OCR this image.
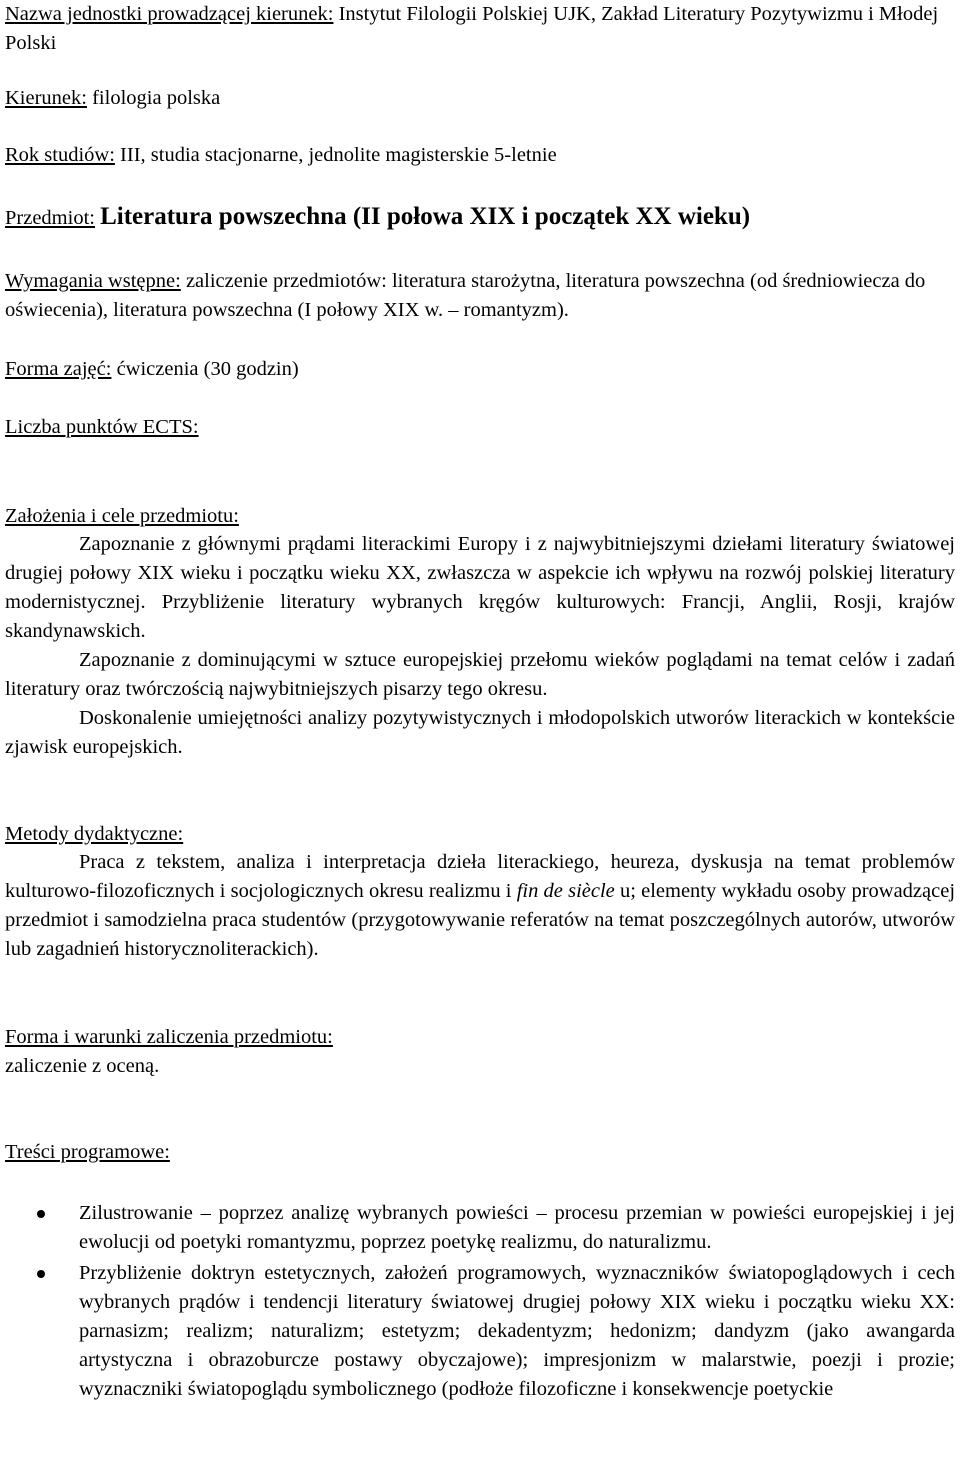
Nazwa jednostki prowadzącej kierunek: Instytut Filologii Polskiej UJK, Zakład Literatury Pozytywizmu i Młodej Polski
Kierunek: filologia polska
Rok studiów: III, studia stacjonarne, jednolite magisterskie 5-letnie
Przedmiot: Literatura powszechna (II połowa XIX i początek XX wieku)
Wymagania wstępne: zaliczenie przedmiotów: literatura starożytna, literatura powszechna (od średniowiecza do oświecenia), literatura powszechna (I połowy XIX w. – romantyzm).
Forma zajęć: ćwiczenia (30 godzin)
Liczba punktów ECTS:
Założenia i cele przedmiotu:
Zapoznanie z głównymi prądami literackimi Europy i z najwybitniejszymi dziełami literatury światowej drugiej połowy XIX wieku i początku wieku XX, zwłaszcza w aspekcie ich wpływu na rozwój polskiej literatury modernistycznej. Przybliżenie literatury wybranych kręgów kulturowych: Francji, Anglii, Rosji, krajów skandynawskich.
Zapoznanie z dominującymi w sztuce europejskiej przełomu wieków poglądami na temat celów i zadań literatury oraz twórczością najwybitniejszych pisarzy tego okresu.
Doskonalenie umiejętności analizy pozytywistycznych i młodopolskich utworów literackich w kontekście zjawisk europejskich.
Metody dydaktyczne:
Praca z tekstem, analiza i interpretacja dzieła literackiego, heureza, dyskusja na temat problemów kulturowo-filozoficznych i socjologicznych okresu realizmu i fin de siècle u; elementy wykładu osoby prowadzącej przedmiot i samodzielna praca studentów (przygotowywanie referatów na temat poszczególnych autorów, utworów lub zagadnień historycznoliterackich).
Forma i warunki zaliczenia przedmiotu:
zaliczenie z oceną.
Treści programowe:
Zilustrowanie – poprzez analizę wybranych powieści – procesu przemian w powieści europejskiej i jej ewolucji od poetyki romantyzmu, poprzez poetykę realizmu, do naturalizmu.
Przybliżenie doktryn estetycznych, założeń programowych, wyznaczników światopoglądowych i cech wybranych prądów i tendencji literatury światowej drugiej połowy XIX wieku i początku wieku XX: parnasizm; realizm; naturalizm; estetyzm; dekadentyzm; hedonizm; dandyzm (jako awangarda artystyczna i obrazoburcze postawy obyczajowe); impresjonizm w malarstwie, poezji i prozie; wyznaczniki światopoglądu symbolicznego (podłoże filozoficzne i konsekwencje poetyckie
